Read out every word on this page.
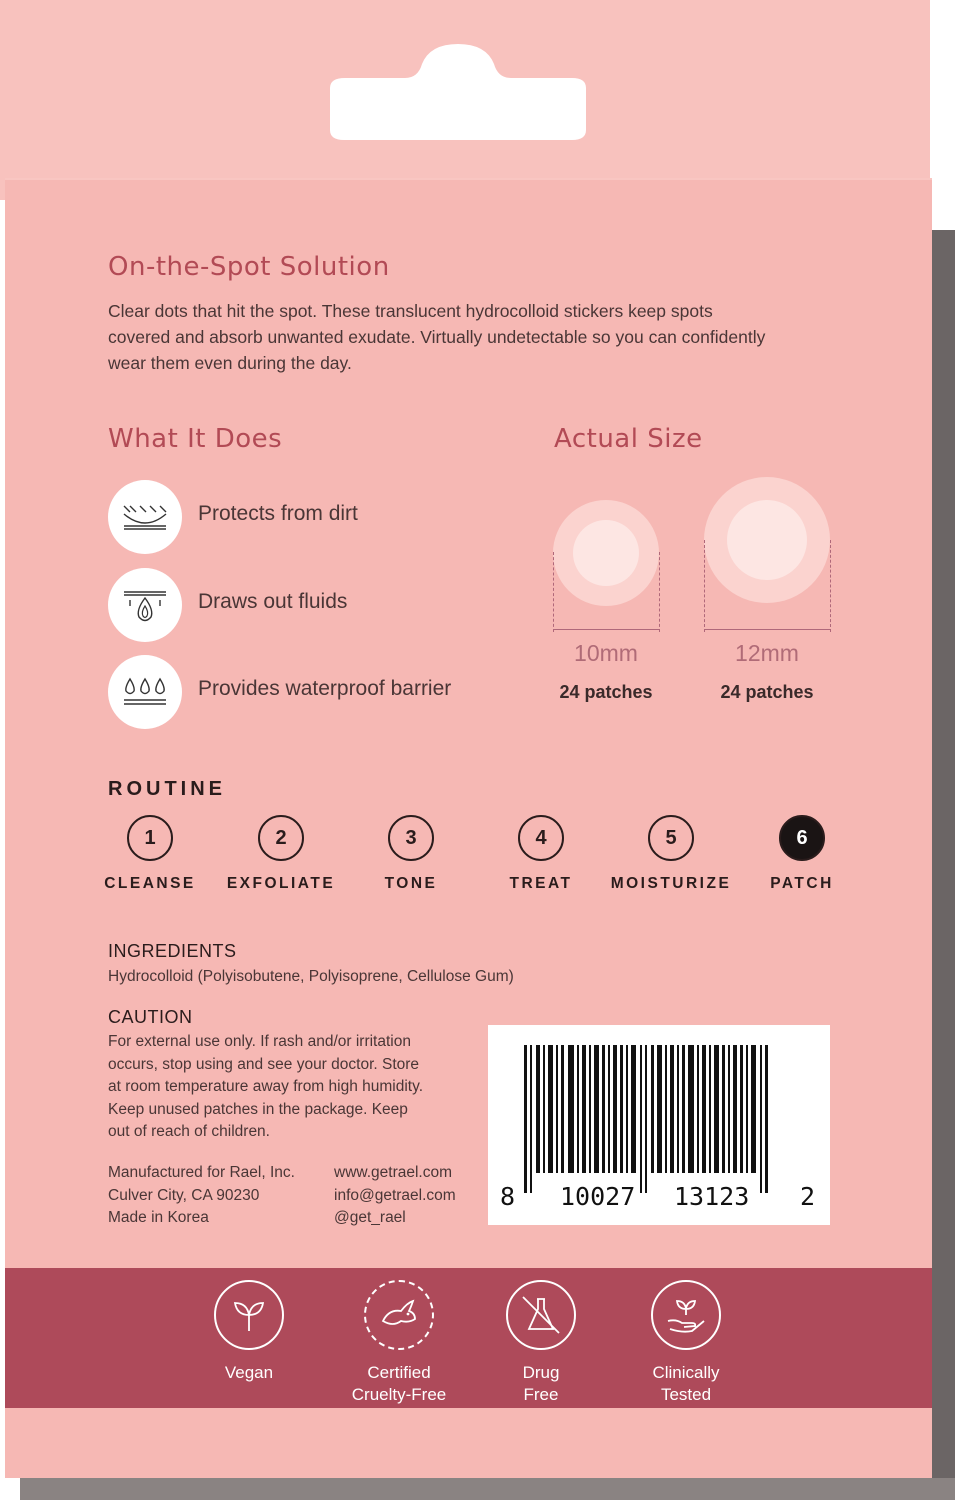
On-the-Spot Solution
Clear dots that hit the spot. These translucent hydrocolloid stickers keep spots
covered and absorb unwanted exudate. Virtually undetectable so you can confidently
wear them even during the day.
What It Does
Protects from dirt
Draws out fluids
Provides waterproof barrier
Actual Size
10mm
24 patches
12mm
24 patches
ROUTINE
1
CLEANSE
2
EXFOLIATE
3
TONE
4
TREAT
5
MOISTURIZE
6
PATCH
INGREDIENTS
Hydrocolloid (Polyisobutene, Polyisoprene, Cellulose Gum)
CAUTION
For external use only. If rash and/or irritation
occurs, stop using and see your doctor. Store
at room temperature away from high humidity.
Keep unused patches in the package. Keep
out of reach of children.
Manufactured for Rael, Inc.
Culver City, CA 90230
Made in Korea
www.getrael.com
info@getrael.com
@get_rael
8 10027 13123 2
Vegan	Certified
Cruelty-Free
Drug
Free
Clinically
Tested
